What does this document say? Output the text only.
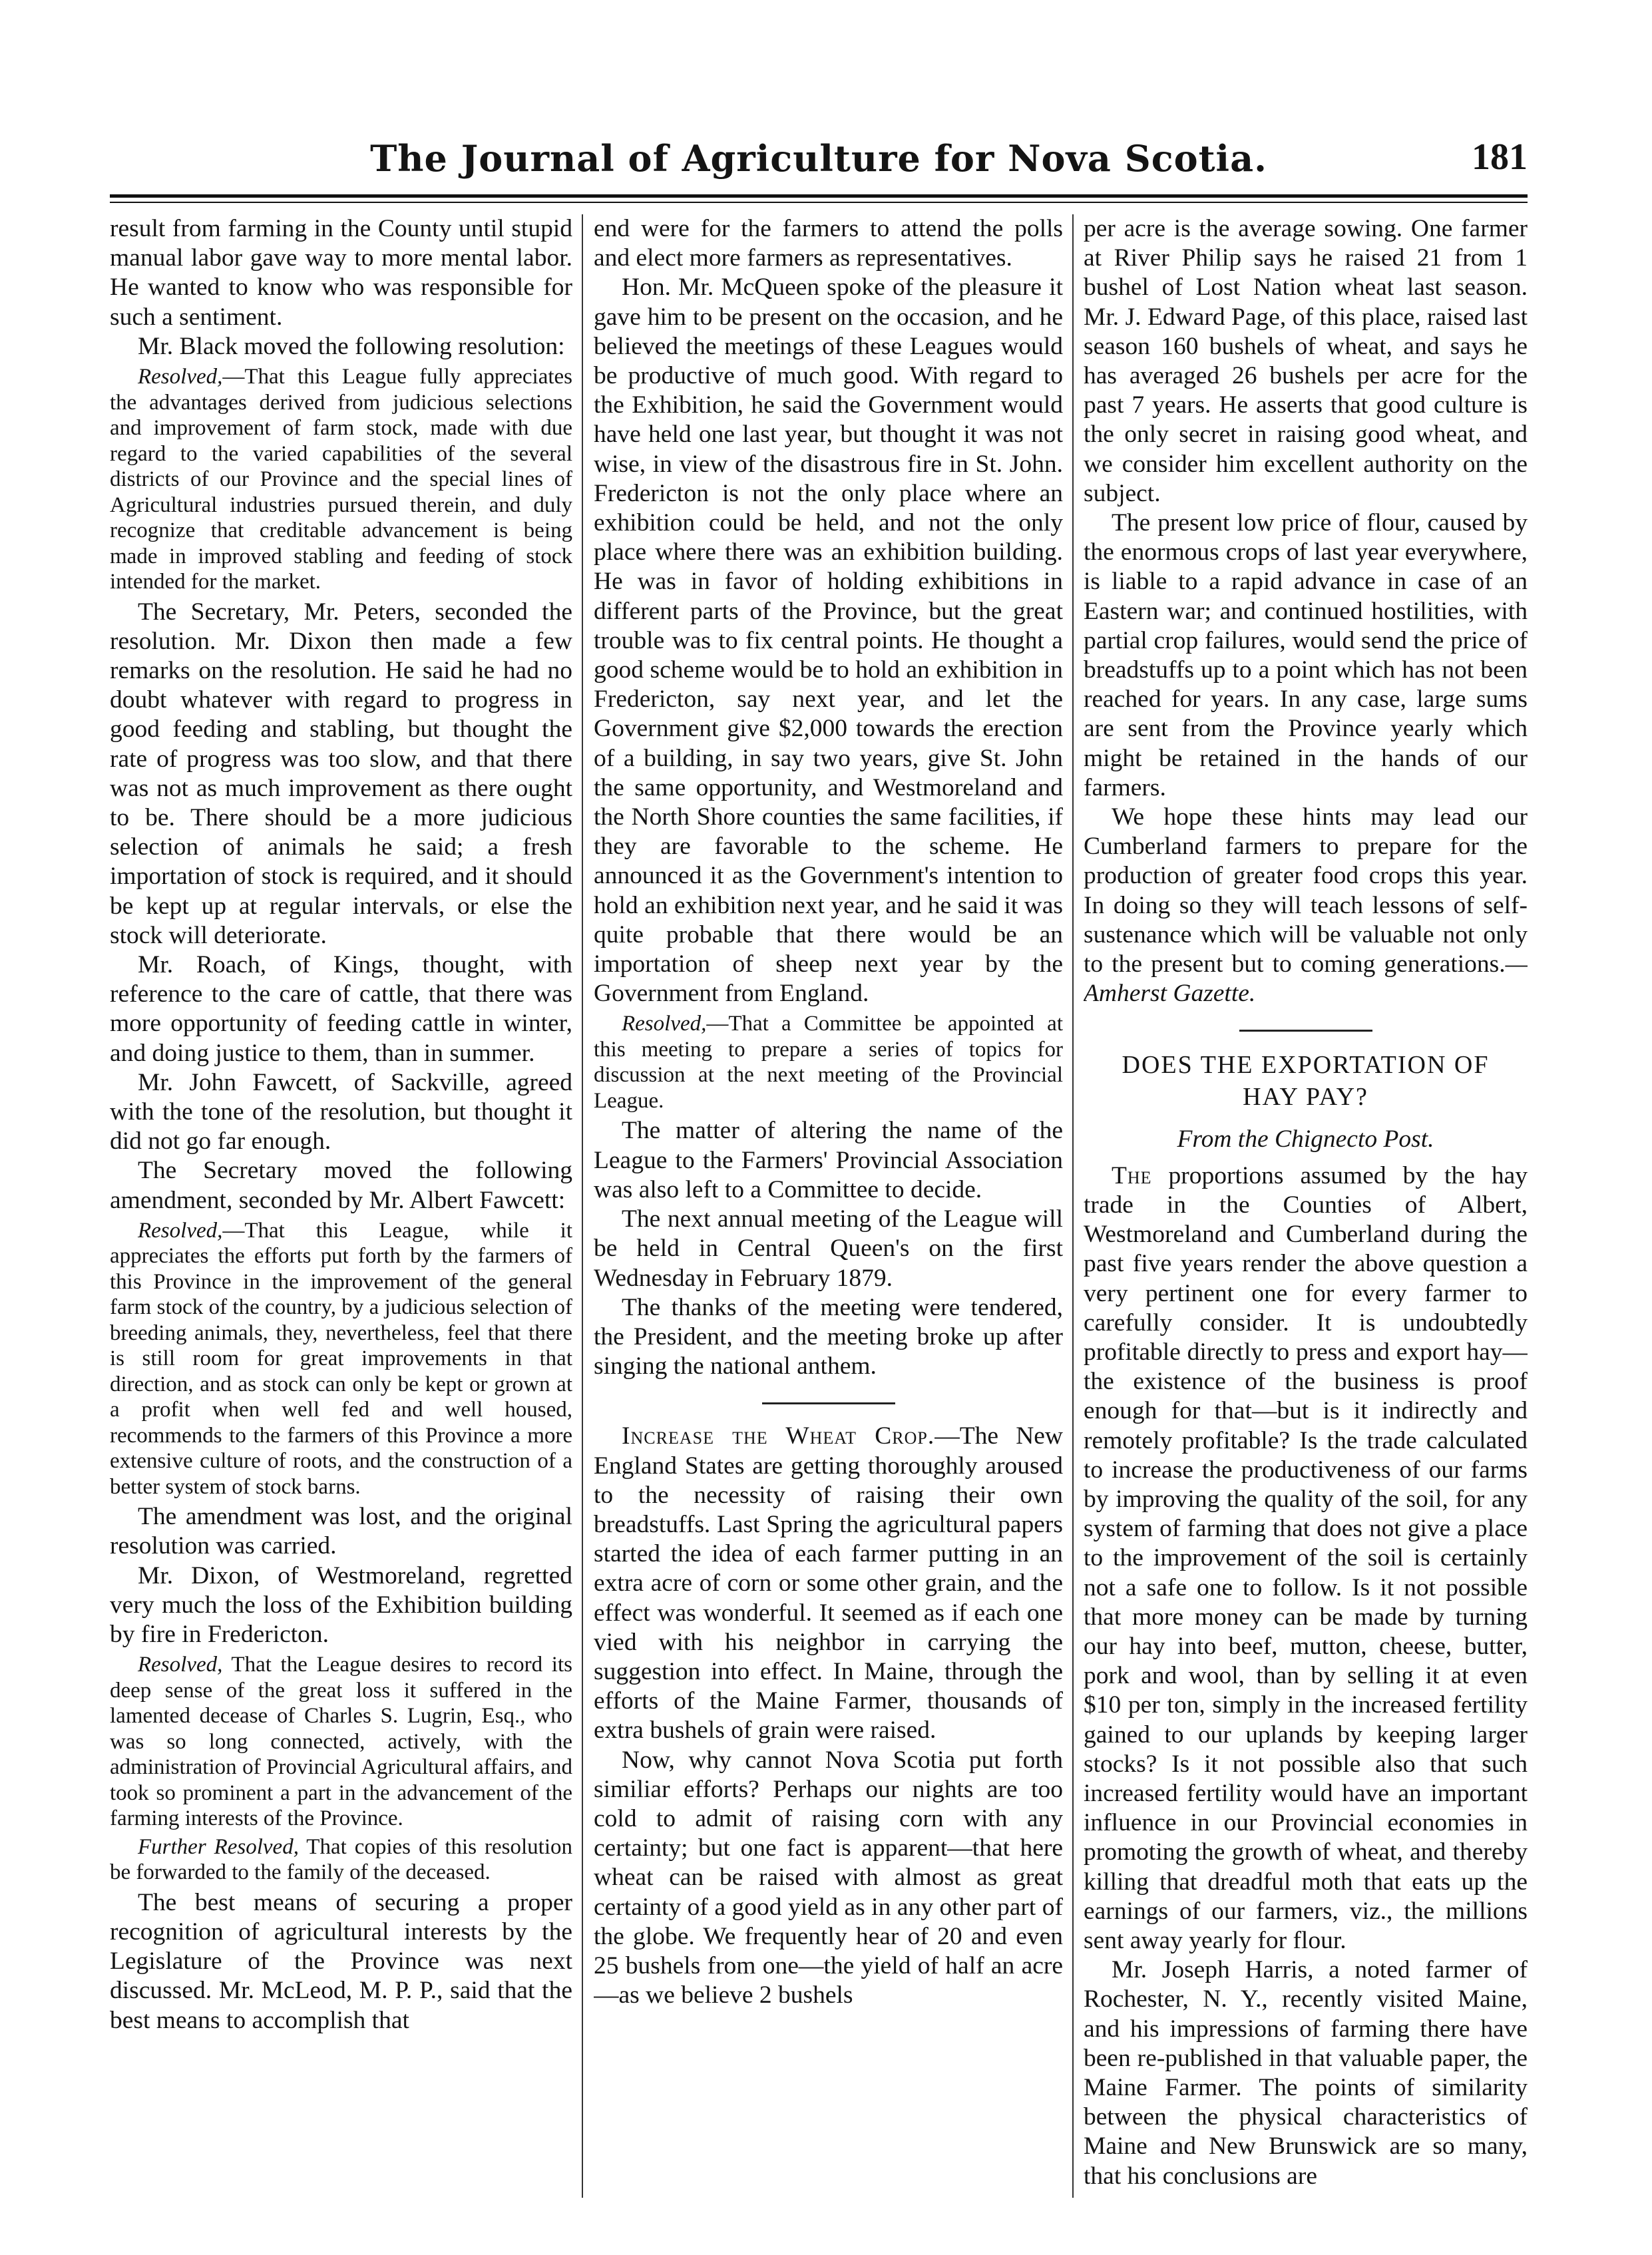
The Journal of Agriculture for Nova Scotia.	181

result from farming in the County until stupid manual labor gave way to more mental labor. He wanted to know who was responsible for such a sentiment.

Mr. Black moved the following resolution:

Resolved,—That this League fully appreciates the advantages derived from judicious selections and improvement of farm stock, made with due regard to the varied capabilities of the several districts of our Province and the special lines of Agricultural industries pursued therein, and duly recognize that creditable advancement is being made in improved stabling and feeding of stock intended for the market.

The Secretary, Mr. Peters, seconded the resolution. Mr. Dixon then made a few remarks on the resolution. He said he had no doubt whatever with regard to progress in good feeding and stabling, but thought the rate of progress was too slow, and that there was not as much improvement as there ought to be. There should be a more judicious selection of animals he said; a fresh importation of stock is required, and it should be kept up at regular intervals, or else the stock will deteriorate.

Mr. Roach, of Kings, thought, with reference to the care of cattle, that there was more opportunity of feeding cattle in winter, and doing justice to them, than in summer.

Mr. John Fawcett, of Sackville, agreed with the tone of the resolution, but thought it did not go far enough.

The Secretary moved the following amendment, seconded by Mr. Albert Fawcett:

Resolved,—That this League, while it appreciates the efforts put forth by the farmers of this Province in the improvement of the general farm stock of the country, by a judicious selection of breeding animals, they, nevertheless, feel that there is still room for great improvements in that direction, and as stock can only be kept or grown at a profit when well fed and well housed, recommends to the farmers of this Province a more extensive culture of roots, and the construction of a better system of stock barns.

The amendment was lost, and the original resolution was carried.

Mr. Dixon, of Westmoreland, regretted very much the loss of the Exhibition building by fire in Fredericton.

Resolved, That the League desires to record its deep sense of the great loss it suffered in the lamented decease of Charles S. Lugrin, Esq., who was so long connected, actively, with the administration of Provincial Agricultural affairs, and took so prominent a part in the advancement of the farming interests of the Province.

Further Resolved, That copies of this resolution be forwarded to the family of the deceased.

The best means of securing a proper recognition of agricultural interests by the Legislature of the Province was next discussed. Mr. McLeod, M. P. P., said that the best means to accomplish that

end were for the farmers to attend the polls and elect more farmers as representatives.

Hon. Mr. McQueen spoke of the pleasure it gave him to be present on the occasion, and he believed the meetings of these Leagues would be productive of much good. With regard to the Exhibition, he said the Government would have held one last year, but thought it was not wise, in view of the disastrous fire in St. John. Fredericton is not the only place where an exhibition could be held, and not the only place where there was an exhibition building. He was in favor of holding exhibitions in different parts of the Province, but the great trouble was to fix central points. He thought a good scheme would be to hold an exhibition in Fredericton, say next year, and let the Government give $2,000 towards the erection of a building, in say two years, give St. John the same opportunity, and Westmoreland and the North Shore counties the same facilities, if they are favorable to the scheme. He announced it as the Government's intention to hold an exhibition next year, and he said it was quite probable that there would be an importation of sheep next year by the Government from England.

Resolved,—That a Committee be appointed at this meeting to prepare a series of topics for discussion at the next meeting of the Provincial League.

The matter of altering the name of the League to the Farmers' Provincial Association was also left to a Committee to decide.

The next annual meeting of the League will be held in Central Queen's on the first Wednesday in February 1879.

The thanks of the meeting were tendered, the President, and the meeting broke up after singing the national anthem.

Increase the Wheat Crop.—The New England States are getting thoroughly aroused to the necessity of raising their own breadstuffs. Last Spring the agricultural papers started the idea of each farmer putting in an extra acre of corn or some other grain, and the effect was wonderful. It seemed as if each one vied with his neighbor in carrying the suggestion into effect. In Maine, through the efforts of the Maine Farmer, thousands of extra bushels of grain were raised.

Now, why cannot Nova Scotia put forth similiar efforts? Perhaps our nights are too cold to admit of raising corn with any certainty; but one fact is apparent—that here wheat can be raised with almost as great certainty of a good yield as in any other part of the globe. We frequently hear of 20 and even 25 bushels from one—the yield of half an acre—as we believe 2 bushels

per acre is the average sowing. One farmer at River Philip says he raised 21 from 1 bushel of Lost Nation wheat last season. Mr. J. Edward Page, of this place, raised last season 160 bushels of wheat, and says he has averaged 26 bushels per acre for the past 7 years. He asserts that good culture is the only secret in raising good wheat, and we consider him excellent authority on the subject.

The present low price of flour, caused by the enormous crops of last year everywhere, is liable to a rapid advance in case of an Eastern war; and continued hostilities, with partial crop failures, would send the price of breadstuffs up to a point which has not been reached for years. In any case, large sums are sent from the Province yearly which might be retained in the hands of our farmers.

We hope these hints may lead our Cumberland farmers to prepare for the production of greater food crops this year. In doing so they will teach lessons of self-sustenance which will be valuable not only to the present but to coming generations.—Amherst Gazette.

DOES THE EXPORTATION OF HAY PAY?
From the Chignecto Post.

The proportions assumed by the hay trade in the Counties of Albert, Westmoreland and Cumberland during the past five years render the above question a very pertinent one for every farmer to carefully consider. It is undoubtedly profitable directly to press and export hay—the existence of the business is proof enough for that—but is it indirectly and remotely profitable? Is the trade calculated to increase the productiveness of our farms by improving the quality of the soil, for any system of farming that does not give a place to the improvement of the soil is certainly not a safe one to follow. Is it not possible that more money can be made by turning our hay into beef, mutton, cheese, butter, pork and wool, than by selling it at even $10 per ton, simply in the increased fertility gained to our uplands by keeping larger stocks? Is it not possible also that such increased fertility would have an important influence in our Provincial economies in promoting the growth of wheat, and thereby killing that dreadful moth that eats up the earnings of our farmers, viz., the millions sent away yearly for flour.

Mr. Joseph Harris, a noted farmer of Rochester, N. Y., recently visited Maine, and his impressions of farming there have been re-published in that valuable paper, the Maine Farmer. The points of similarity between the physical characteristics of Maine and New Brunswick are so many, that his conclusions are
